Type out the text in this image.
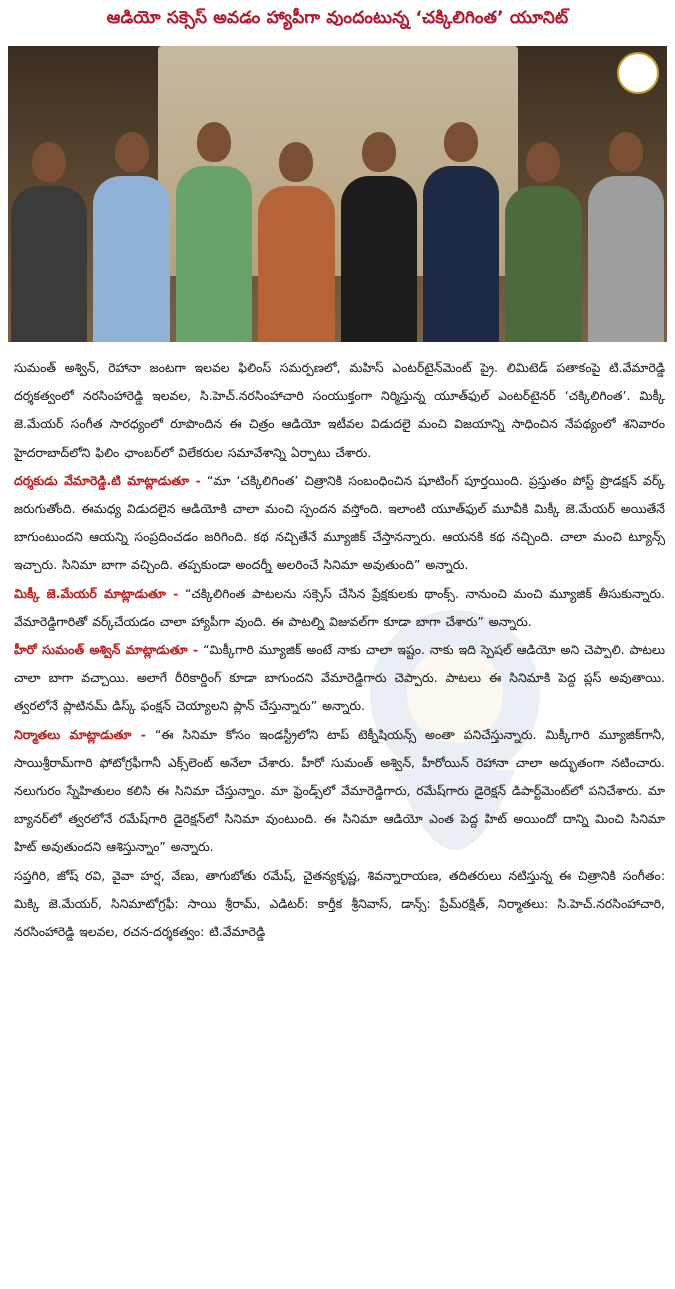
ఆడియో సక్సెస్ అవడం హ్యాపీగా వుందంటున్న ‘చక్కిలిగింత’ యూనిట్

సుమంత్ అశ్విన్, రెహానా జంటగా ఇలవల ఫిలింస్ సమర్పణలో, మహిస్ ఎంటర్‌టైన్‌మెంట్ ప్రై. లిమిటెడ్ పతాకంపై టి.వేమారెడ్డి దర్శకత్వంలో నరసింహారెడ్డి ఇలవల, సి.హెచ్.నరసింహాచారి సంయుక్తంగా నిర్మిస్తున్న యూత్‌ఫుల్ ఎంటర్‌టైనర్ ‘చక్కిలిగింత’. మిక్కీ జె.మేయర్ సంగీత సారధ్యంలో రూపొందిన ఈ చిత్రం ఆడియో ఇటీవల విడుదలై మంచి విజయాన్ని సాధించిన నేపథ్యంలో శనివారం హైదరాబాద్‌లోని ఫిలిం ఛాంబర్‌లో విలేకరుల సమావేశాన్ని ఏర్పాటు చేశారు.

దర్శకుడు వేమారెడ్డి.టి మాట్లాడుతూ - “మా ‘చక్కిలిగింత’ చిత్రానికి సంబంధించిన షూటింగ్ పూర్తయింది. ప్రస్తుతం పోస్ట్ ప్రొడక్షన్ వర్క్ జరుగుతోంది. ఈమధ్య విడుదలైన ఆడియోకి చాలా మంచి స్పందన వస్తోంది. ఇలాంటి యూత్‌ఫుల్ మూవీకి మిక్కీ జె.మేయర్ అయితేనే బాగుంటుందని ఆయన్ని సంప్రదించడం జరిగింది. కథ నచ్చితేనే మ్యూజిక్ చేస్తానన్నారు. ఆయనకి కథ నచ్చింది. చాలా మంచి ట్యూన్స్ ఇచ్చారు. సినిమా బాగా వచ్చింది. తప్పకుండా అందర్నీ అలరించే సినిమా అవుతుంది” అన్నారు.

మిక్కీ జె.మేయర్ మాట్లాడుతూ - “చక్కిలిగింత పాటలను సక్సెస్ చేసిన ప్రేక్షకులకు థాంక్స్. నానుంచి మంచి మ్యూజిక్ తీసుకున్నారు. వేమారెడ్డిగారితో వర్క్‌చేయడం చాలా హ్యాపీగా వుంది. ఈ పాటల్ని విజువల్‌గా కూడా బాగా చేశారు” అన్నారు.

హీరో సుమంత్ అశ్విన్ మాట్లాడుతూ - “మిక్కీగారి మ్యూజిక్ అంటే నాకు చాలా ఇష్టం. నాకు ఇది స్పెషల్ ఆడియో అని చెప్పాలి. పాటలు చాలా బాగా వచ్చాయి. అలాగే రీరికార్డింగ్ కూడా బాగుందని వేమారెడ్డిగారు చెప్పారు. పాటలు ఈ సినిమాకి పెద్ద ప్లస్ అవుతాయి. త్వరలోనే ప్లాటినమ్ డిస్క్ ఫంక్షన్ చెయ్యాలని ప్లాన్ చేస్తున్నారు” అన్నారు.

నిర్మాతలు మాట్లాడుతూ - “ఈ సినిమా కోసం ఇండస్ట్రీలోని టాప్ టెక్నీషియన్స్ అంతా పనిచేస్తున్నారు. మిక్కీగారి మ్యూజిక్‌గానీ, సాయిశ్రీరామ్‌గారి ఫోటోగ్రఫీగానీ ఎక్స్‌లెంట్ అనేలా చేశారు. హీరో సుమంత్ అశ్విన్, హీరోయిన్ రెహానా చాలా అద్భుతంగా నటించారు. నలుగురం స్నేహితులం కలిసి ఈ సినిమా చేస్తున్నాం. మా ఫ్రెండ్స్‌లో వేమారెడ్డిగారు, రమేష్‌గారు డైరెక్షన్ డిపార్ట్‌మెంట్‌లో పనిచేశారు. మా బ్యానర్‌లో త్వరలోనే రమేష్‌గారి డైరెక్షన్‌లో సినిమా వుంటుంది. ఈ సినిమా ఆడియో ఎంత పెద్ద హిట్ అయిందో దాన్ని మించి సినిమా హిట్ అవుతుందని ఆశిస్తున్నాం” అన్నారు.

సప్తగిరి, జోష్ రవి, వైవా హర్ష, వేణు, తాగుబోతు రమేష్, చైతన్యకృష్ణ, శివన్నారాయణ, తదితరులు నటిస్తున్న ఈ చిత్రానికి సంగీతం: మిక్కి జె.మేయర్, సినిమాటోగ్రఫీ: సాయి శ్రీరామ్, ఎడిటర్: కార్తీక శ్రీనివాస్, డాన్స్: ప్రేమ్‌రక్షిత్, నిర్మాతలు: సి.హెచ్.నరసింహాచారి, నరసింహారెడ్డి ఇలవల, రచన-దర్శకత్వం: టి.వేమారెడ్డి
